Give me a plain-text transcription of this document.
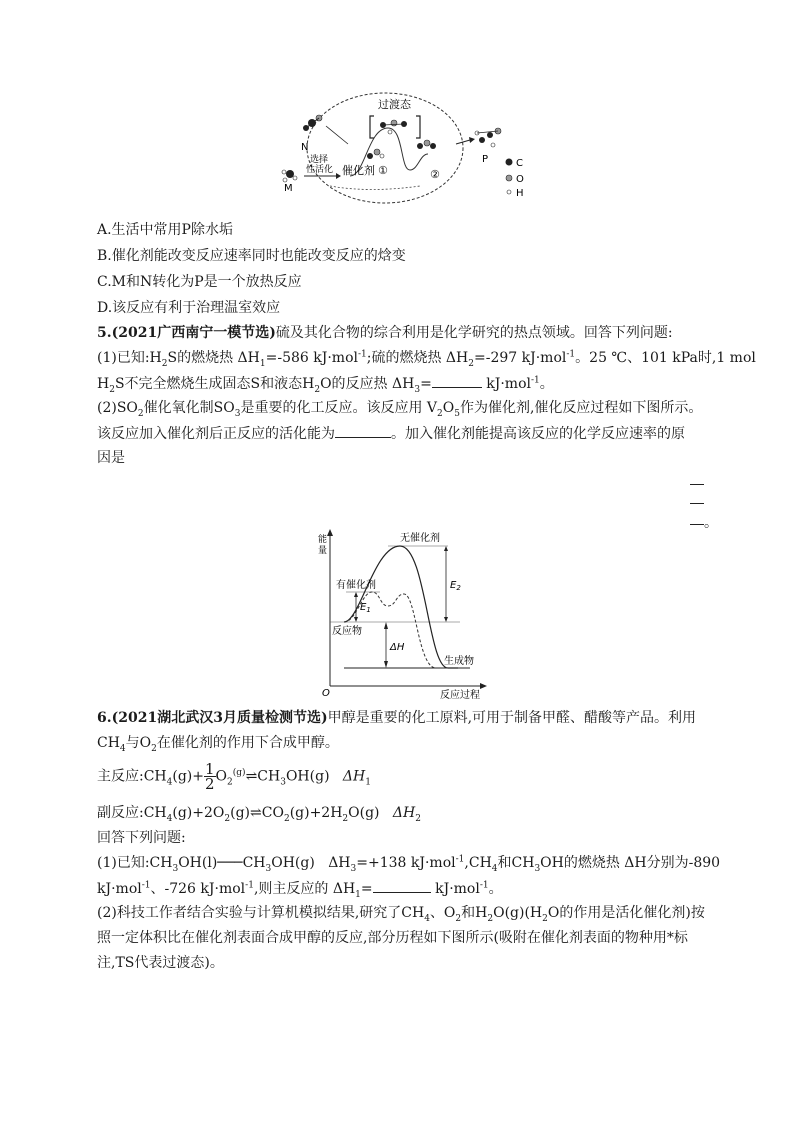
C
O
H
过渡态
催化剂 ①	②
选择
性活化
N
M
P
A.生活中常用P除水垢
B.催化剂能改变反应速率同时也能改变反应的焓变
C.M和N转化为P是一个放热反应
D.该反应有利于治理温室效应
5.(2021广西南宁一模节选)硫及其化合物的综合利用是化学研究的热点领域。回答下列问题:
(1)已知$:H_2S$的燃烧热 $\Delta H_1=-586$ kJ·mol$^{-1}$;硫的燃烧热 $\Delta H_2=-297$ kJ·mol$^{-1}$。25 ℃、101 kPa时,1 mol
$H_2S$不完全燃烧生成固态S和液态$H_2O$的反应热 $\Delta H_3=$	kJ·mol$^{-1}$。
$(2)SO_2$催化氧化制$SO_3$是重要的化工反应。该反应用 $V_2O_5$作为催化剂,催化反应过程如下图所示。
该反应加入催化剂后正反应的活化能为	。加入催化剂能提高该反应的化学反应速率的原
因是
。
能
量
无催化剂
有催化剂
反应物
生成物
$E_1$
$E_2$
ΔH
O	反应过程
6.(2021湖北武汉3月质量检测节选)甲醇是重要的化工原料,可用于制备甲醛、醋酸等产品。利用
$CH_4$与$O_2$在催化剂的作用下合成甲醇。
主反应$:CH_4(g)+ \frac{1}{2}$ $O_2^{(g)}\rightleftharpoons CH_3OH(g)$ $\Delta H_1$
副反应$:CH_4(g)+2O_2(g)\rightleftharpoons CO_2(g)+2H_2O(g)$ $\Delta H_2$
回答下列问题:
(1)已知$:CH_3OH(l)───CH_3OH(g)$ $\Delta H_3=+138$ $kJ\cdot mol^{-1},CH_4$和$CH_3OH$的燃烧热 ΔH分别为-890
kJ·mol$^{-1}$、-726 kJ·mol$^{-1}$,则主反应的 $\Delta H_1=$	kJ·mol$^{-1}$。
(2)科技工作者结合实验与计算机模拟结果,研究了$CH_4$、$O_2$和$H_2O(g)(H_2O$的作用是活化催化剂)按
照一定体积比在催化剂表面合成甲醇的反应,部分历程如下图所示(吸附在催化剂表面的物种用*标
注,TS代表过渡态)。
